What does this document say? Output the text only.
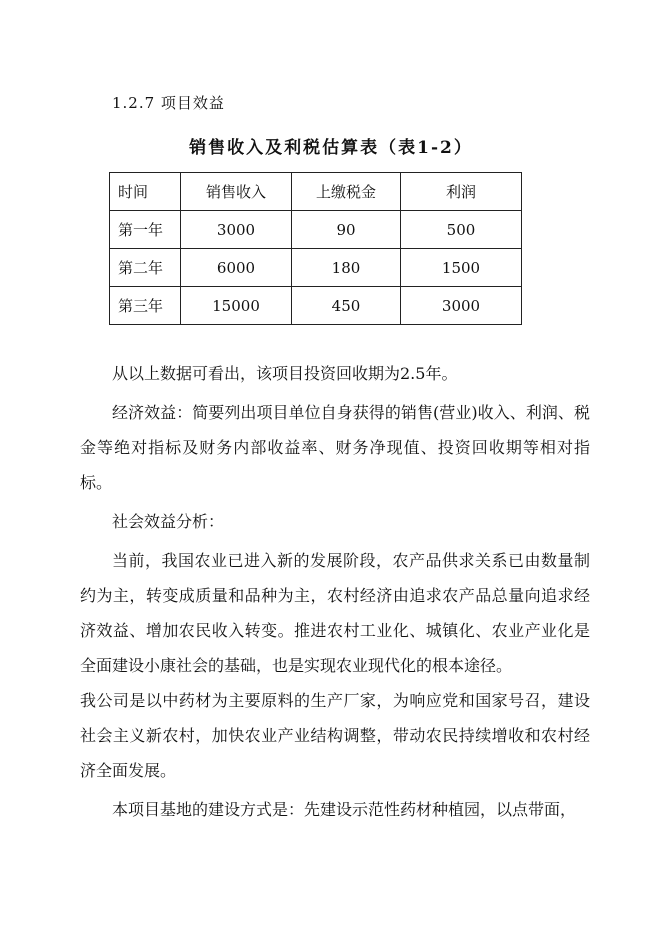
1.2.7 项目效益
销售收入及利税估算表（表1-2）
时间	销售收入	上缴税金	利润
第一年	3000	90	500
第二年	6000	180	1500
第三年	15000	450	3000

从以上数据可看出，该项目投资回收期为2.5年。

经济效益：简要列出项目单位自身获得的销售(营业)收入、利润、税金等绝对指标及财务内部收益率、财务净现值、投资回收期等相对指标。

社会效益分析：

当前，我国农业已进入新的发展阶段，农产品供求关系已由数量制约为主，转变成质量和品种为主，农村经济由追求农产品总量向追求经济效益、增加农民收入转变。推进农村工业化、城镇化、农业产业化是全面建设小康社会的基础，也是实现农业现代化的根本途径。

我公司是以中药材为主要原料的生产厂家，为响应党和国家号召，建设社会主义新农村，加快农业产业结构调整，带动农民持续增收和农村经济全面发展。

本项目基地的建设方式是：先建设示范性药材种植园，以点带面，
